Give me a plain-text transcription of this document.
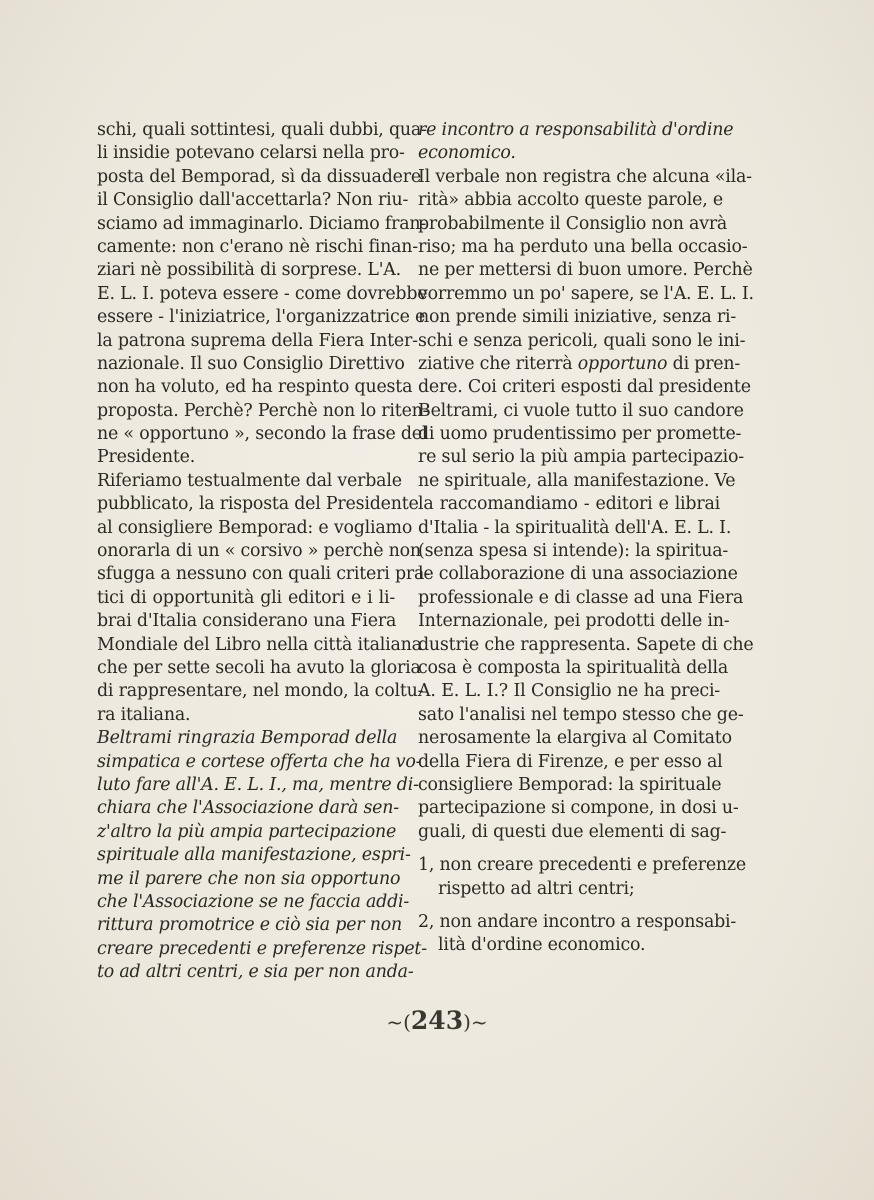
schi, quali sottintesi, quali dubbi, qua-
li insidie potevano celarsi nella pro-
posta del Bemporad, sì da dissuadere
il Consiglio dall'accettarla? Non riu-
sciamo ad immaginarlo. Diciamo fran-
camente: non c'erano nè rischi finan-
ziari nè possibilità di sorprese. L'A.
E. L. I. poteva essere - come dovrebbe
essere - l'iniziatrice, l'organizzatrice e
la patrona suprema della Fiera Inter-
nazionale. Il suo Consiglio Direttivo
non ha voluto, ed ha respinto questa
proposta. Perchè? Perchè non lo riten-
ne « opportuno », secondo la frase del
Presidente.
Riferiamo testualmente dal verbale
pubblicato, la risposta del Presidente
al consigliere Bemporad: e vogliamo
onorarla di un « corsivo » perchè non
sfugga a nessuno con quali criteri pra-
tici di opportunità gli editori e i li-
brai d'Italia considerano una Fiera
Mondiale del Libro nella città italiana
che per sette secoli ha avuto la gloria
di rappresentare, nel mondo, la coltu-
ra italiana.
Beltrami ringrazia Bemporad della
simpatica e cortese offerta che ha vo-
luto fare all'A. E. L. I., ma, mentre di-
chiara che l'Associazione darà sen-
z'altro la più ampia partecipazione
spirituale alla manifestazione, espri-
me il parere che non sia opportuno
che l'Associazione se ne faccia addi-
rittura promotrice e ciò sia per non
creare precedenti e preferenze rispet-
to ad altri centri, e sia per non anda-
re incontro a responsabilità d'ordine
economico.
Il verbale non registra che alcuna «ila-
rità» abbia accolto queste parole, e
probabilmente il Consiglio non avrà
riso; ma ha perduto una bella occasio-
ne per mettersi di buon umore. Perchè
vorremmo un po' sapere, se l'A. E. L. I.
non prende simili iniziative, senza ri-
schi e senza pericoli, quali sono le ini-
ziative che riterrà opportuno di pren-
dere. Coi criteri esposti dal presidente
Beltrami, ci vuole tutto il suo candore
di uomo prudentissimo per promette-
re sul serio la più ampia partecipazio-
ne spirituale, alla manifestazione. Ve
la raccomandiamo - editori e librai
d'Italia - la spiritualità dell'A. E. L. I.
(senza spesa si intende): la spiritua-
le collaborazione di una associazione
professionale e di classe ad una Fiera
Internazionale, pei prodotti delle in-
dustrie che rappresenta. Sapete di che
cosa è composta la spiritualità della
A. E. L. I.? Il Consiglio ne ha preci-
sato l'analisi nel tempo stesso che ge-
nerosamente la elargiva al Comitato
della Fiera di Firenze, e per esso al
consigliere Bemporad: la spirituale
partecipazione si compone, in dosi u-
guali, di questi due elementi di sag-
1, non creare precedenti e preferenze
rispetto ad altri centri;
2, non andare incontro a responsabi-
lità d'ordine economico.
~(243)~
